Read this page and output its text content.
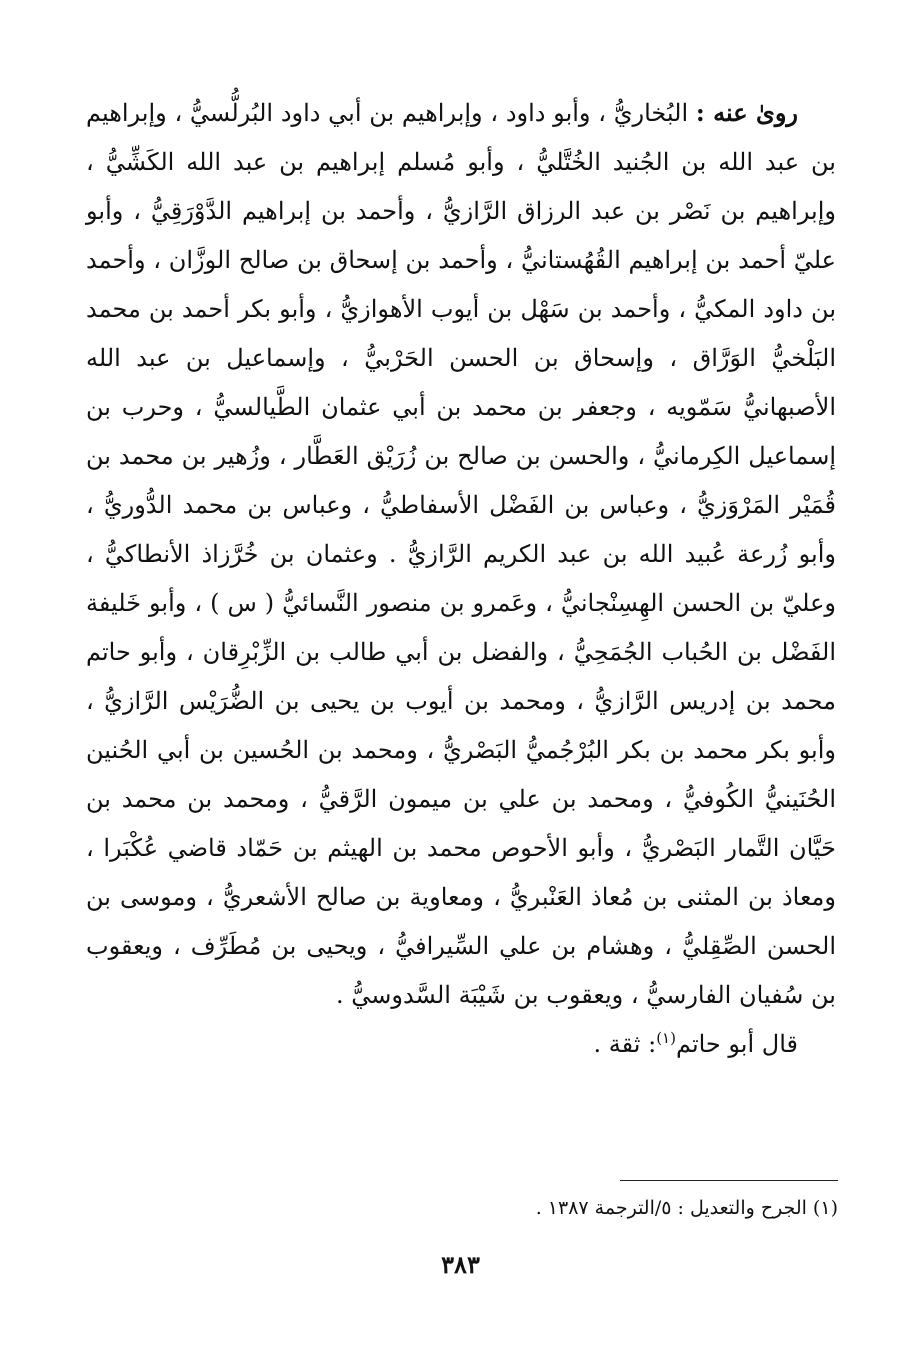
روىٰ عنه : البُخاريُّ ، وأبو داود ، وإبراهيم بن أبي داود البُرلُّسيُّ ، وإبراهيم بن عبد الله بن الجُنيد الخُتَّليُّ ، وأبو مُسلم إبراهيم بن عبد الله الكَشِّيُّ ، وإبراهيم بن نَصْر بن عبد الرزاق الرَّازيُّ ، وأحمد بن إبراهيم الدَّوْرَقِيُّ ، وأبو عليّ أحمد بن إبراهيم القُهُستانيُّ ، وأحمد بن إسحاق بن صالح الوزَّان ، وأحمد بن داود المكيُّ ، وأحمد بن سَهْل بن أيوب الأهوازيُّ ، وأبو بكر أحمد بن محمد البَلْخيُّ الوَرَّاق ، وإسحاق بن الحسن الحَرْبيُّ ، وإسماعيل بن عبد الله الأصبهانيُّ سَمّويه ، وجعفر بن محمد بن أبي عثمان الطَّيالسيُّ ، وحرب بن إسماعيل الكِرمانيُّ ، والحسن بن صالح بن زُرَيْق العَطَّار ، وزُهير بن محمد بن قُمَيْر المَرْوَزيُّ ، وعباس بن الفَضْل الأسفاطيُّ ، وعباس بن محمد الدُّوريُّ ، وأبو زُرعة عُبيد الله بن عبد الكريم الرَّازيُّ . وعثمان بن خُرَّزاذ الأنطاكيُّ ، وعليّ بن الحسن الهِسِنْجانيُّ ، وعَمرو بن منصور النَّسائيُّ ( س ) ، وأبو خَليفة الفَضْل بن الحُباب الجُمَحِيُّ ، والفضل بن أبي طالب بن الزِّبْرِقان ، وأبو حاتم محمد بن إدريس الرَّازيُّ ، ومحمد بن أيوب بن يحيى بن الضُّرَيْس الرَّازيُّ ، وأبو بكر محمد بن بكر البُرْجُميُّ البَصْريُّ ، ومحمد بن الحُسين بن أبي الحُنين الحُنَينيُّ الكُوفيُّ ، ومحمد بن علي بن ميمون الرَّقيُّ ، ومحمد بن محمد بن حَيَّان التَّمار البَصْريُّ ، وأبو الأحوص محمد بن الهيثم بن حَمّاد قاضي عُكْبَرا ، ومعاذ بن المثنى بن مُعاذ العَنْبريُّ ، ومعاوية بن صالح الأشعريُّ ، وموسى بن الحسن الصِّقِليُّ ، وهشام بن علي السِّيرافيُّ ، ويحيى بن مُطَرِّف ، ويعقوب بن سُفيان الفارسيُّ ، ويعقوب بن شَيْبَة السَّدوسيُّ .

قال أبو حاتم$^{(١)}$: ثقة .

(١) الجرح والتعديل : ٥/الترجمة ١٣٨٧ .
٣٨٣
